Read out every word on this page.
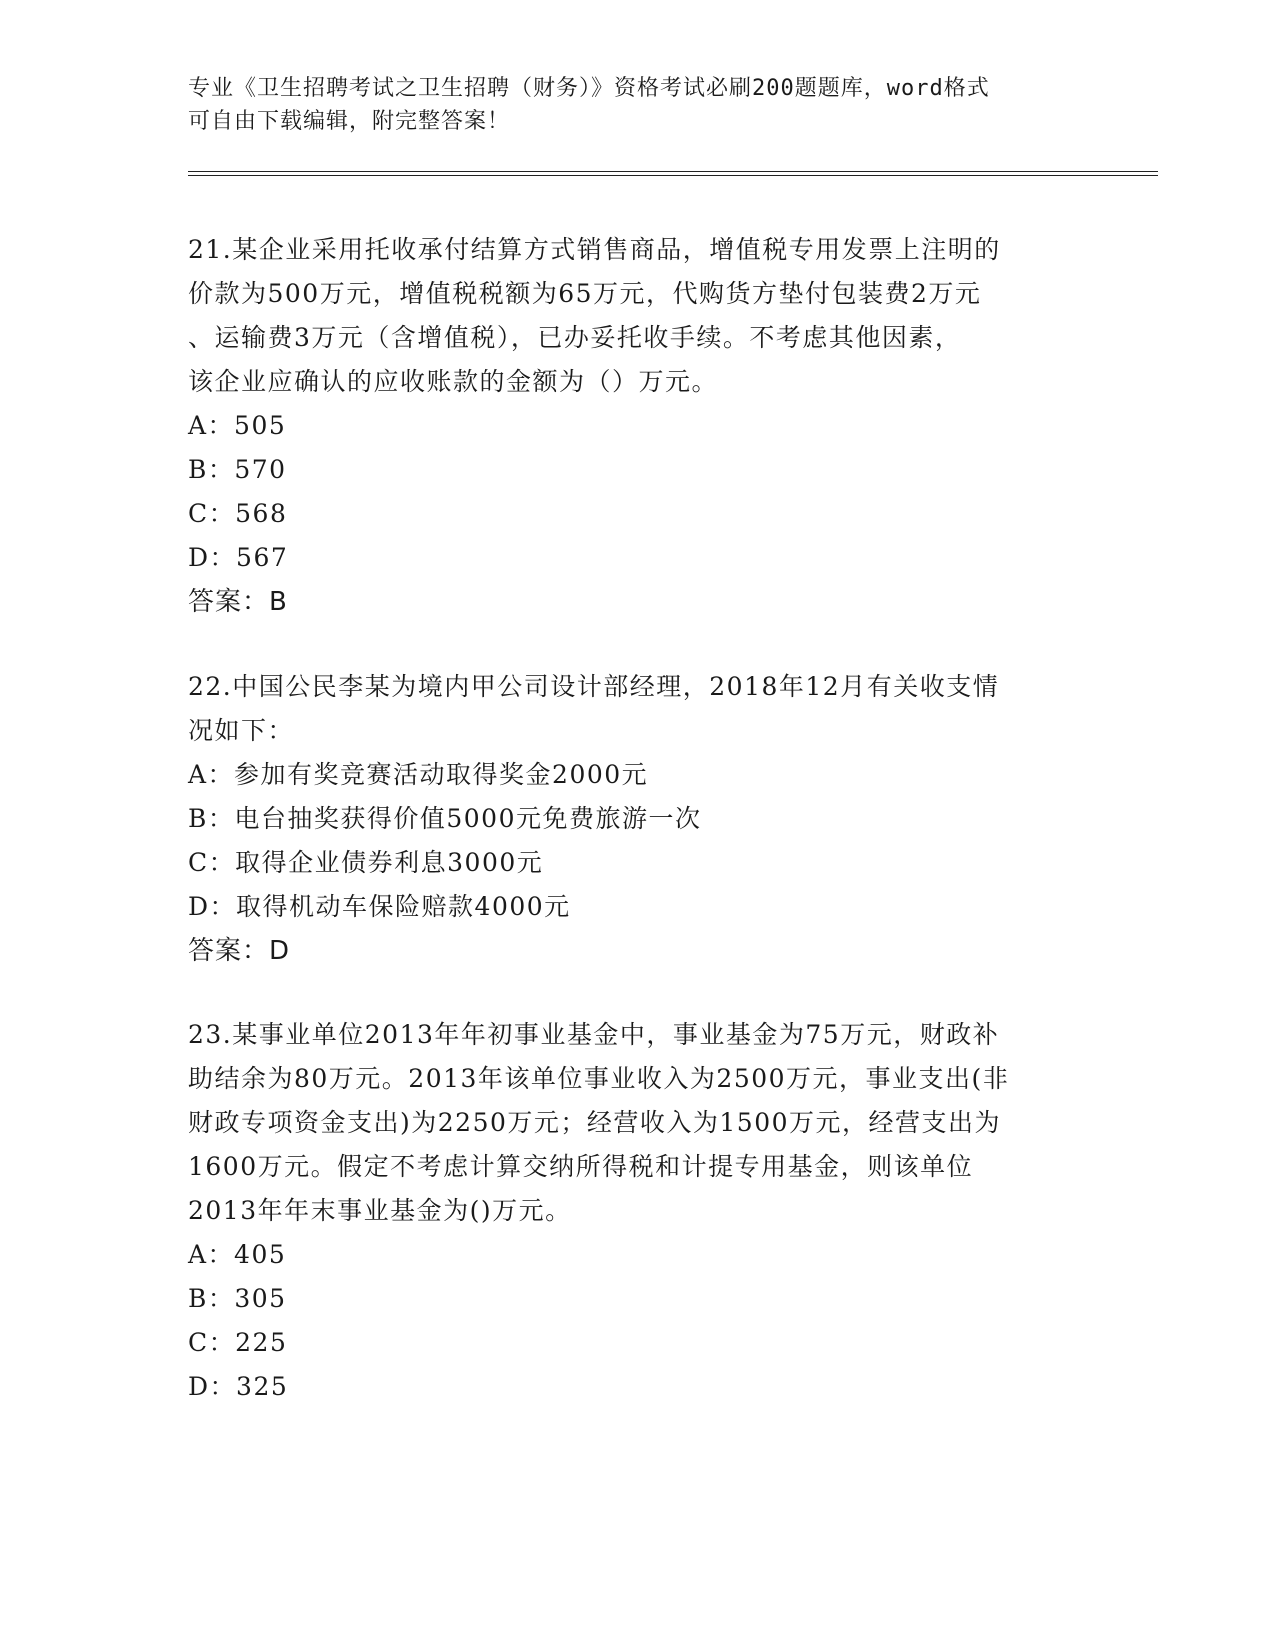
专业《卫生招聘考试之卫生招聘（财务）》资格考试必刷200题题库，word格式
可自由下载编辑，附完整答案！
21.某企业采用托收承付结算方式销售商品，增值税专用发票上注明的
价款为500万元，增值税税额为65万元，代购货方垫付包装费2万元
、运输费3万元（含增值税），已办妥托收手续。不考虑其他因素，
该企业应确认的应收账款的金额为（）万元。
A：505
B：570
C：568
D：567
答案：B
22.中国公民李某为境内甲公司设计部经理，2018年12月有关收支情
况如下：
A：参加有奖竞赛活动取得奖金2000元
B：电台抽奖获得价值5000元免费旅游一次
C：取得企业债券利息3000元
D：取得机动车保险赔款4000元
答案：D
23.某事业单位2013年年初事业基金中，事业基金为75万元，财政补
助结余为80万元。2013年该单位事业收入为2500万元，事业支出(非
财政专项资金支出)为2250万元；经营收入为1500万元，经营支出为
1600万元。假定不考虑计算交纳所得税和计提专用基金，则该单位
2013年年末事业基金为()万元。
A：405
B：305
C：225
D：325
